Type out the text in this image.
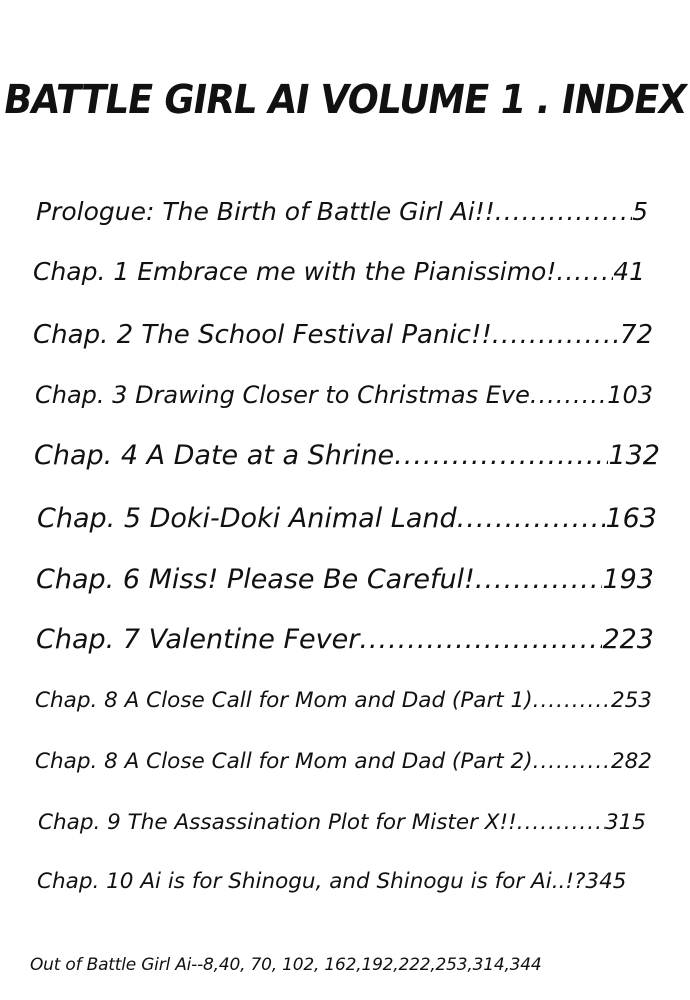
BATTLE GIRL AI VOLUME 1 . INDEX
Prologue: The Birth of Battle Girl Ai!! .....	5
Chap. 1 Embrace me with the Pianissimo! ..... 41
Chap. 2 The School Festival Panic!! .....	72
Chap. 3 Drawing Closer to Christmas Eve .....	103
Chap. 4 A Date at a Shrine .....	132
Chap. 5 Doki-Doki Animal Land .....	163
Chap. 6 Miss! Please Be Careful! .....	193
Chap. 7 Valentine Fever .....	223
Chap. 8 A Close Call for Mom and Dad (Part 1) .....	253
Chap. 8 A Close Call for Mom and Dad (Part 2) .....	282
Chap. 9 The Assassination Plot for Mister X!! .....	315
Chap. 10 Ai is for Shinogu, and Shinogu is for Ai..!? 345
Out of Battle Girl Ai--8,40, 70, 102, 162,192,222,253,314,344
